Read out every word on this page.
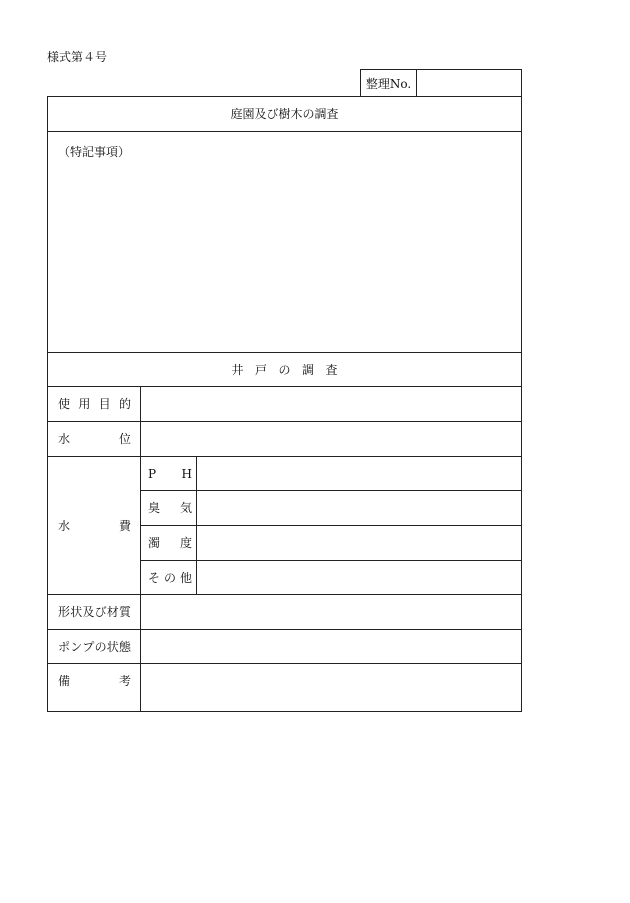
様式第４号
整理No.
庭園及び樹木の調査		

（特記事項）		

井 戸 の 調 査		
使 用 目 的		
水 位		
水 費	P H	
	臭 気	
	濁 度	
	そ の 他	
形状及び材質		
ポンプの状態		
備 考		
